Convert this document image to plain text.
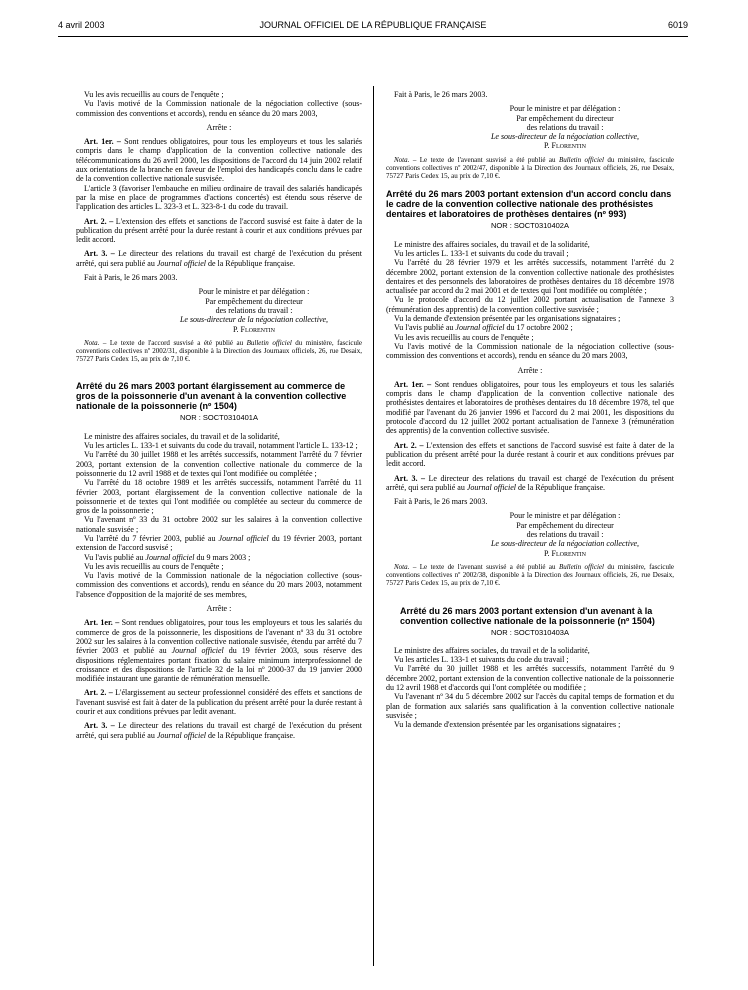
4 avril 2003	JOURNAL OFFICIEL DE LA RÉPUBLIQUE FRANÇAISE	6019

Vu les avis recueillis au cours de l'enquête ;

Vu l'avis motivé de la Commission nationale de la négociation collective (sous-commission des conventions et accords), rendu en séance du 20 mars 2003,

Arrête :

Art. 1er. – Sont rendues obligatoires, pour tous les employeurs et tous les salariés compris dans le champ d'application de la convention collective nationale des télécommunications du 26 avril 2000, les dispositions de l'accord du 14 juin 2002 relatif aux orientations de la branche en faveur de l'emploi des handicapés conclu dans le cadre de la convention collective nationale susvisée.

L'article 3 (favoriser l'embauche en milieu ordinaire de travail des salariés handicapés par la mise en place de programmes d'actions concertés) est étendu sous réserve de l'application des articles L. 323-3 et L. 323-8-1 du code du travail.

Art. 2. – L'extension des effets et sanctions de l'accord susvisé est faite à dater de la publication du présent arrêté pour la durée restant à courir et aux conditions prévues par ledit accord.

Art. 3. – Le directeur des relations du travail est chargé de l'exécution du présent arrêté, qui sera publié au Journal officiel de la République française.

Fait à Paris, le 26 mars 2003.

Pour le ministre et par délégation :

Par empêchement du directeur

des relations du travail :

Le sous-directeur de la négociation collective,

P. Florentin

Nota. – Le texte de l'accord susvisé a été publié au Bulletin officiel du ministère, fascicule conventions collectives nº 2002/31, disponible à la Direction des Journaux officiels, 26, rue Desaix, 75727 Paris Cedex 15, au prix de 7,10 €.

Arrêté du 26 mars 2003 portant élargissement au commerce de gros de la poissonnerie d'un avenant à la convention collective nationale de la poissonnerie (nº 1504)

NOR : SOCT0310401A

Le ministre des affaires sociales, du travail et de la solidarité,

Vu les articles L. 133-1 et suivants du code du travail, notamment l'article L. 133-12 ;

Vu l'arrêté du 30 juillet 1988 et les arrêtés successifs, notamment l'arrêté du 7 février 2003, portant extension de la convention collective nationale du commerce de la poissonnerie du 12 avril 1988 et de textes qui l'ont modifiée ou complétée ;

Vu l'arrêté du 18 octobre 1989 et les arrêtés successifs, notamment l'arrêté du 11 février 2003, portant élargissement de la convention collective nationale de la poissonnerie et de textes qui l'ont modifiée ou complétée au secteur du commerce de gros de la poissonnerie ;

Vu l'avenant nº 33 du 31 octobre 2002 sur les salaires à la convention collective nationale susvisée ;

Vu l'arrêté du 7 février 2003, publié au Journal officiel du 19 février 2003, portant extension de l'accord susvisé ;

Vu l'avis publié au Journal officiel du 9 mars 2003 ;

Vu les avis recueillis au cours de l'enquête ;

Vu l'avis motivé de la Commission nationale de la négociation collective (sous-commission des conventions et accords), rendu en séance du 20 mars 2003, notamment l'absence d'opposition de la majorité de ses membres,

Arrête :

Art. 1er. – Sont rendues obligatoires, pour tous les employeurs et tous les salariés du commerce de gros de la poissonnerie, les dispositions de l'avenant nº 33 du 31 octobre 2002 sur les salaires à la convention collective nationale susvisée, étendu par arrêté du 7 février 2003 et publié au Journal officiel du 19 février 2003, sous réserve des dispositions réglementaires portant fixation du salaire minimum interprofessionnel de croissance et des dispositions de l'article 32 de la loi nº 2000-37 du 19 janvier 2000 modifiée instaurant une garantie de rémunération mensuelle.

Art. 2. – L'élargissement au secteur professionnel considéré des effets et sanctions de l'avenant susvisé est fait à dater de la publication du présent arrêté pour la durée restant à courir et aux conditions prévues par ledit avenant.

Art. 3. – Le directeur des relations du travail est chargé de l'exécution du présent arrêté, qui sera publié au Journal officiel de la République française.

Fait à Paris, le 26 mars 2003.

Pour le ministre et par délégation :

Par empêchement du directeur

des relations du travail :

Le sous-directeur de la négociation collective,

P. Florentin

Nota. – Le texte de l'avenant susvisé a été publié au Bulletin officiel du ministère, fascicule conventions collectives nº 2002/47, disponible à la Direction des Journaux officiels, 26, rue Desaix, 75727 Paris Cedex 15, au prix de 7,10 €.

Arrêté du 26 mars 2003 portant extension d'un accord conclu dans le cadre de la convention collective nationale des prothésistes dentaires et laboratoires de prothèses dentaires (nº 993)

NOR : SOCT0310402A

Le ministre des affaires sociales, du travail et de la solidarité,

Vu les articles L. 133-1 et suivants du code du travail ;

Vu l'arrêté du 28 février 1979 et les arrêtés successifs, notamment l'arrêté du 2 décembre 2002, portant extension de la convention collective nationale des prothésistes dentaires et des personnels des laboratoires de prothèses dentaires du 18 décembre 1978 actualisée par accord du 2 mai 2001 et de textes qui l'ont modifiée ou complétée ;

Vu le protocole d'accord du 12 juillet 2002 portant actualisation de l'annexe 3 (rémunération des apprentis) de la convention collective susvisée ;

Vu la demande d'extension présentée par les organisations signataires ;

Vu l'avis publié au Journal officiel du 17 octobre 2002 ;

Vu les avis recueillis au cours de l'enquête ;

Vu l'avis motivé de la Commission nationale de la négociation collective (sous-commission des conventions et accords), rendu en séance du 20 mars 2003,

Arrête :

Art. 1er. – Sont rendues obligatoires, pour tous les employeurs et tous les salariés compris dans le champ d'application de la convention collective nationale des prothésistes dentaires et laboratoires de prothèses dentaires du 18 décembre 1978, tel que modifié par l'avenant du 26 janvier 1996 et l'accord du 2 mai 2001, les dispositions du protocole d'accord du 12 juillet 2002 portant actualisation de l'annexe 3 (rémunération des apprentis) de la convention collective susvisée.

Art. 2. – L'extension des effets et sanctions de l'accord susvisé est faite à dater de la publication du présent arrêté pour la durée restant à courir et aux conditions prévues par ledit accord.

Art. 3. – Le directeur des relations du travail est chargé de l'exécution du présent arrêté, qui sera publié au Journal officiel de la République française.

Fait à Paris, le 26 mars 2003.

Pour le ministre et par délégation :

Par empêchement du directeur

des relations du travail :

Le sous-directeur de la négociation collective,

P. Florentin

Nota. – Le texte de l'avenant susvisé a été publié au Bulletin officiel du ministère, fascicule conventions collectives nº 2002/38, disponible à la Direction des Journaux officiels, 26, rue Desaix, 75727 Paris Cedex 15, au prix de 7,10 €.

Arrêté du 26 mars 2003 portant extension d'un avenant à la convention collective nationale de la poissonnerie (nº 1504)

NOR : SOCT0310403A

Le ministre des affaires sociales, du travail et de la solidarité,

Vu les articles L. 133-1 et suivants du code du travail ;

Vu l'arrêté du 30 juillet 1988 et les arrêtés successifs, notamment l'arrêté du 9 décembre 2002, portant extension de la convention collective nationale de la poissonnerie du 12 avril 1988 et d'accords qui l'ont complétée ou modifiée ;

Vu l'avenant nº 34 du 5 décembre 2002 sur l'accès du capital temps de formation et du plan de formation aux salariés sans qualification à la convention collective nationale susvisée ;

Vu la demande d'extension présentée par les organisations signataires ;
